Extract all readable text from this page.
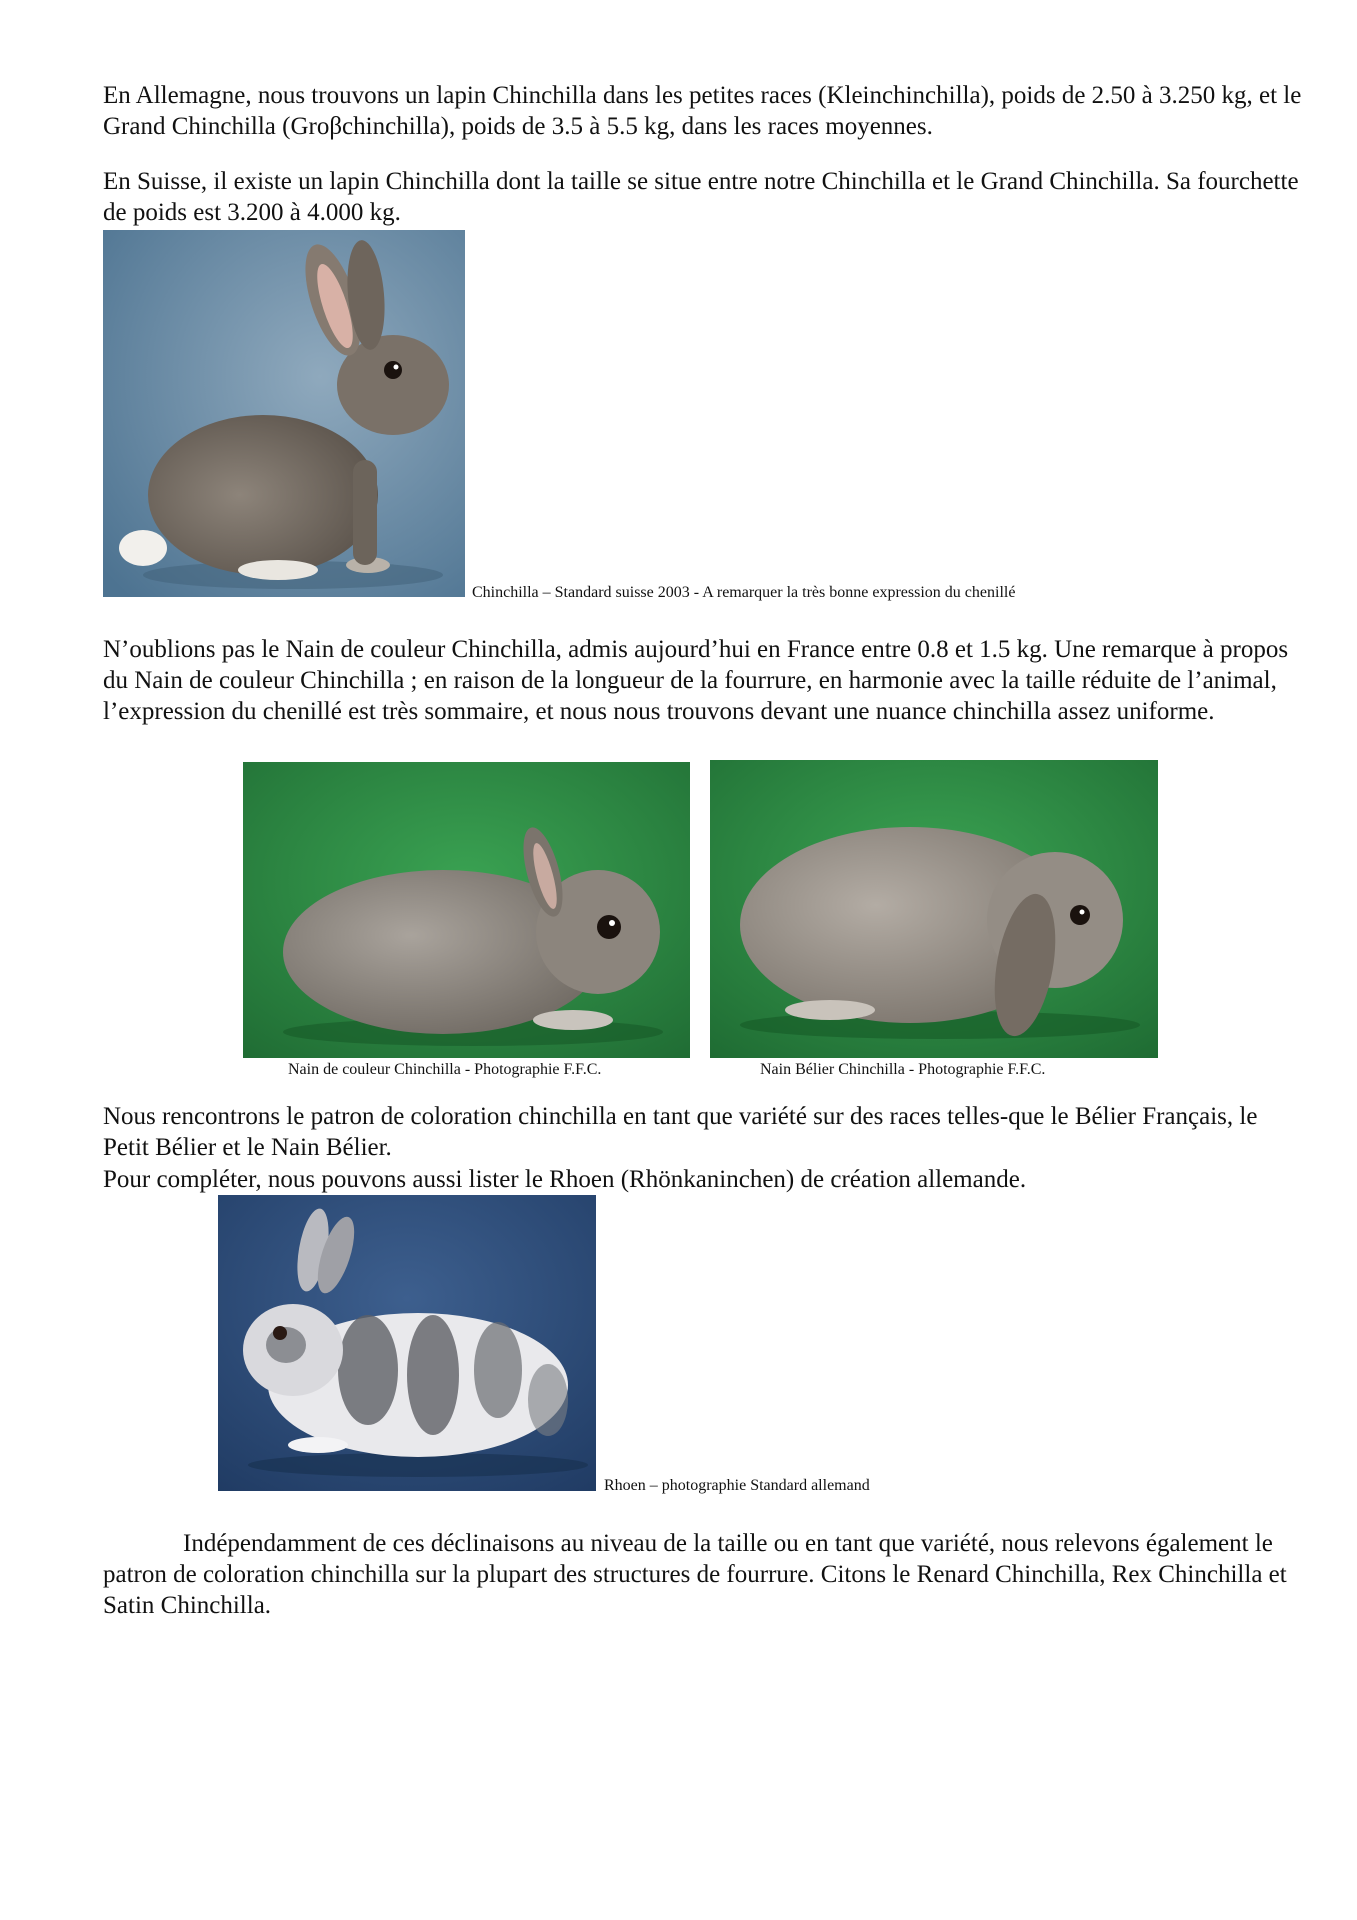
En Allemagne, nous trouvons un lapin Chinchilla dans les petites races (Kleinchinchilla), poids de 2.50 à 3.250 kg, et le Grand Chinchilla (Groβchinchilla), poids de 3.5 à 5.5 kg, dans les races moyennes.

En Suisse, il existe un lapin Chinchilla dont la taille se situe entre notre Chinchilla et le Grand Chinchilla. Sa fourchette de poids est 3.200 à 4.000 kg.

Chinchilla – Standard suisse 2003 - A remarquer la très bonne expression du chenillé

N’oublions pas le Nain de couleur Chinchilla, admis aujourd’hui en France entre 0.8 et 1.5 kg. Une remarque à propos du Nain de couleur Chinchilla ; en raison de la longueur de la fourrure, en harmonie avec la taille réduite de l’animal, l’expression du chenillé est très sommaire, et nous nous trouvons devant une nuance chinchilla assez uniforme.

Nain de couleur Chinchilla - Photographie F.F.C.	Nain Bélier Chinchilla - Photographie F.F.C.

Nous rencontrons le patron de coloration chinchilla en tant que variété sur des races telles-que le Bélier Français, le Petit Bélier et le Nain Bélier.

Pour compléter, nous pouvons aussi lister le Rhoen (Rhönkaninchen) de création allemande.

Rhoen – photographie Standard allemand

Indépendamment de ces déclinaisons au niveau de la taille ou en tant que variété, nous relevons également le patron de coloration chinchilla sur la plupart des structures de fourrure. Citons le Renard Chinchilla, Rex Chinchilla et Satin Chinchilla.
